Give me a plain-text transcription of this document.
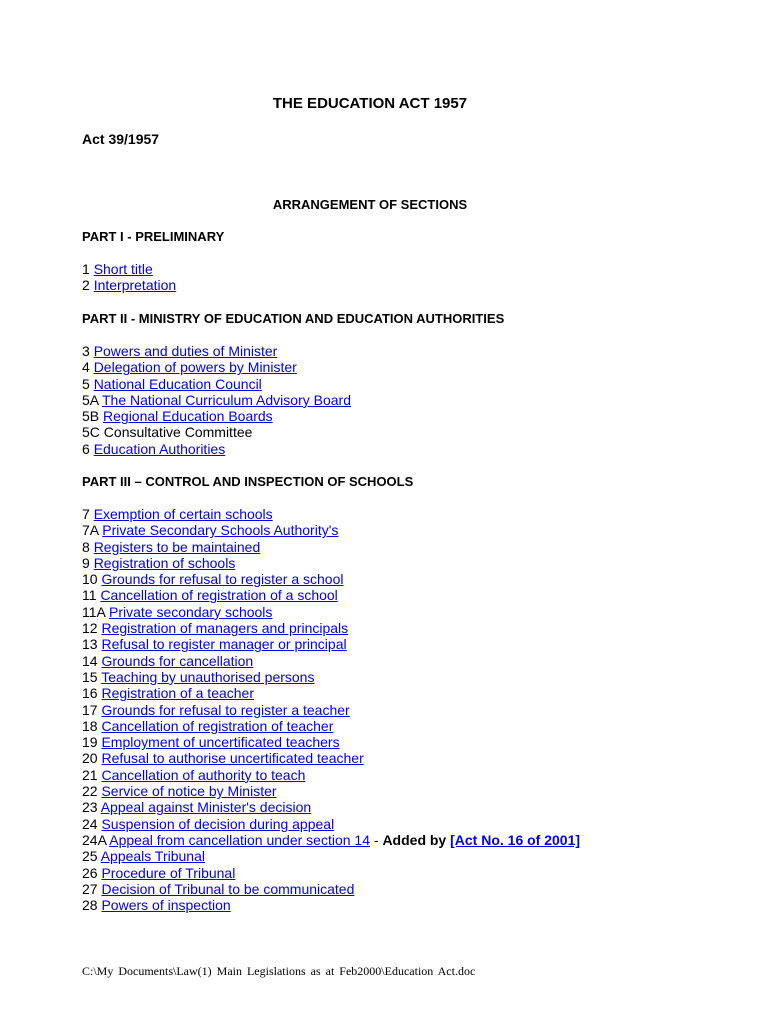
THE EDUCATION ACT 1957
Act 39/1957
ARRANGEMENT OF SECTIONS
PART I - PRELIMINARY
1 Short title
2 Interpretation
PART II - MINISTRY OF EDUCATION AND EDUCATION AUTHORITIES
3 Powers and duties of Minister
4 Delegation of powers by Minister
5 National Education Council
5A The National Curriculum Advisory Board
5B Regional Education Boards
5C Consultative Committee
6 Education Authorities
PART III – CONTROL AND INSPECTION OF SCHOOLS
7 Exemption of certain schools
7A Private Secondary Schools Authority's
8 Registers to be maintained
9 Registration of schools
10 Grounds for refusal to register a school
11 Cancellation of registration of a school
11A Private secondary schools
12 Registration of managers and principals
13 Refusal to register manager or principal
14 Grounds for cancellation
15 Teaching by unauthorised persons
16 Registration of a teacher
17 Grounds for refusal to register a teacher
18 Cancellation of registration of teacher
19 Employment of uncertificated teachers
20 Refusal to authorise uncertificated teacher
21 Cancellation of authority to teach
22 Service of notice by Minister
23 Appeal against Minister's decision
24 Suspension of decision during appeal
24A Appeal from cancellation under section 14 - Added by [Act No. 16 of 2001]
25 Appeals Tribunal
26 Procedure of Tribunal
27 Decision of Tribunal to be communicated
28 Powers of inspection
C:\My Documents\Law(1) Main Legislations as at Feb2000\Education Act.doc
